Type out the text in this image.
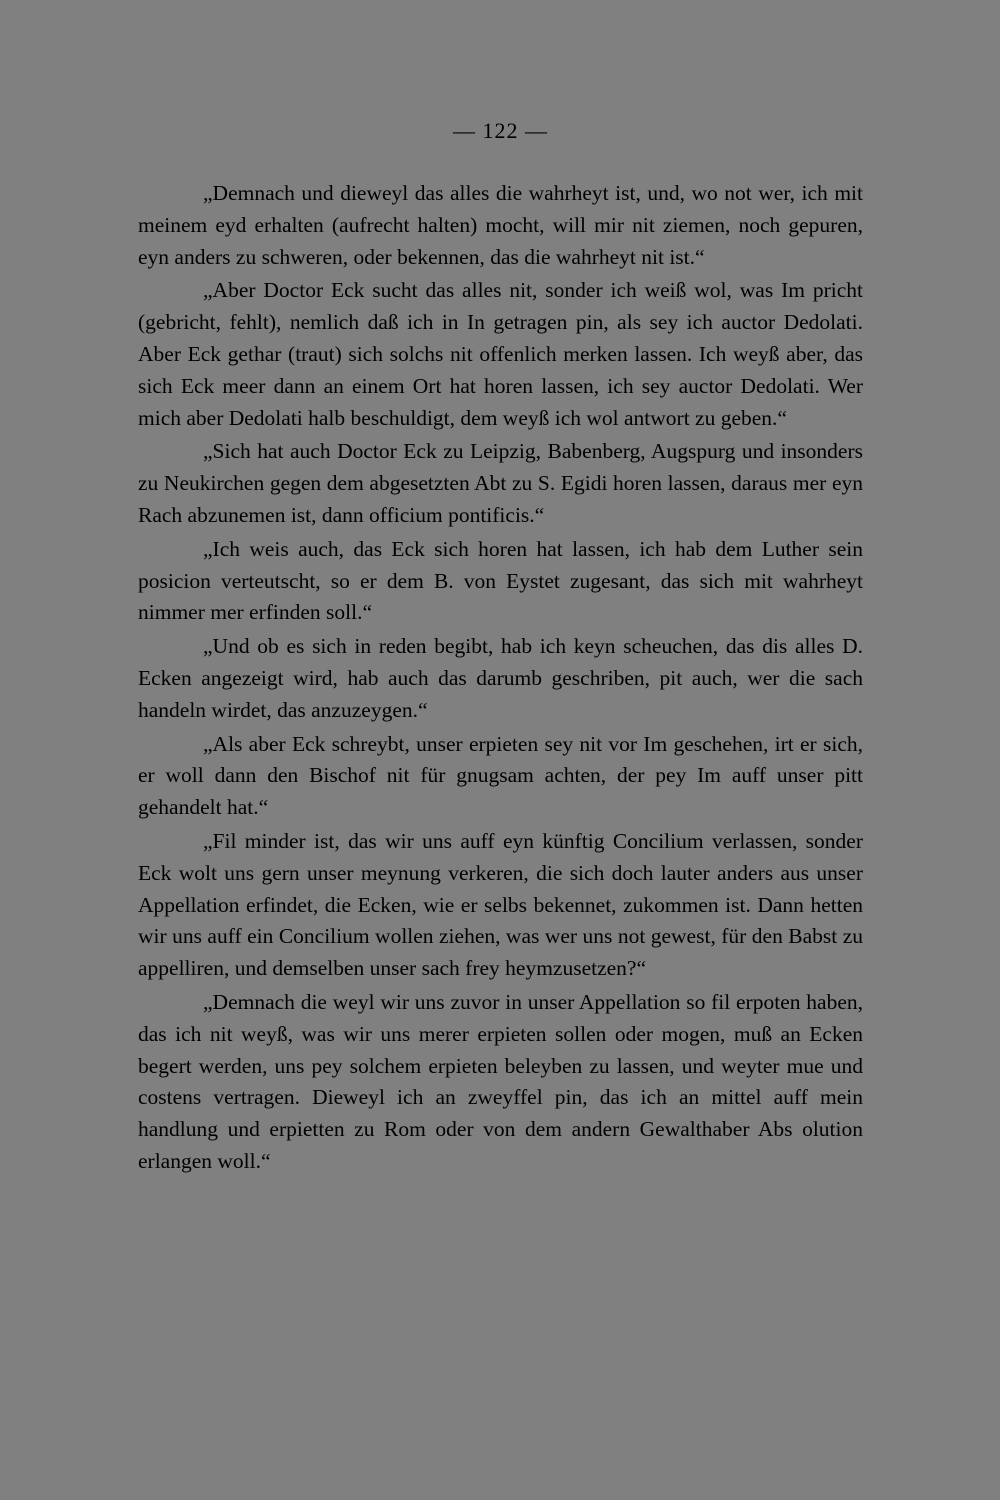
— 122 —

„Demnach und dieweyl das alles die wahrheyt ist, und, wo not wer, ich mit meinem eyd erhalten (aufrecht halten) mocht, will mir nit ziemen, noch gepuren, eyn anders zu schweren, oder bekennen, das die wahrheyt nit ist.“

„Aber Doctor Eck sucht das alles nit, sonder ich weiß wol, was Im pricht (gebricht, fehlt), nemlich daß ich in In getragen pin, als sey ich auctor Dedolati. Aber Eck gethar (traut) sich solchs nit offenlich merken lassen. Ich weyß aber, das sich Eck meer dann an einem Ort hat horen lassen, ich sey auctor Dedolati. Wer mich aber Dedolati halb beschuldigt, dem weyß ich wol antwort zu geben.“

„Sich hat auch Doctor Eck zu Leipzig, Babenberg, Augspurg und insonders zu Neukirchen gegen dem abgesetzten Abt zu S. Egidi horen lassen, daraus mer eyn Rach abzunemen ist, dann officium pontificis.“

„Ich weis auch, das Eck sich horen hat lassen, ich hab dem Luther sein posicion verteutscht, so er dem B. von Eystet zugesant, das sich mit wahrheyt nimmer mer erfinden soll.“

„Und ob es sich in reden begibt, hab ich keyn scheuchen, das dis alles D. Ecken angezeigt wird, hab auch das darumb geschriben, pit auch, wer die sach handeln wirdet, das anzuzeygen.“

„Als aber Eck schreybt, unser erpieten sey nit vor Im geschehen, irt er sich, er woll dann den Bischof nit für gnugsam achten, der pey Im auff unser pitt gehandelt hat.“

„Fil minder ist, das wir uns auff eyn künftig Concilium verlassen, sonder Eck wolt uns gern unser meynung verkeren, die sich doch lauter anders aus unser Appellation erfindet, die Ecken, wie er selbs bekennet, zukommen ist. Dann hetten wir uns auff ein Concilium wollen ziehen, was wer uns not gewest, für den Babst zu appelliren, und demselben unser sach frey heymzusetzen?“

„Demnach die weyl wir uns zuvor in unser Appellation so fil erpoten haben, das ich nit weyß, was wir uns merer erpieten sollen oder mogen, muß an Ecken begert werden, uns pey solchem erpieten beleyben zu lassen, und weyter mue und costens vertragen. Dieweyl ich an zweyffel pin, das ich an mittel auff mein handlung und erpietten zu Rom oder von dem andern Gewalthaber Abs olution erlangen woll.“
